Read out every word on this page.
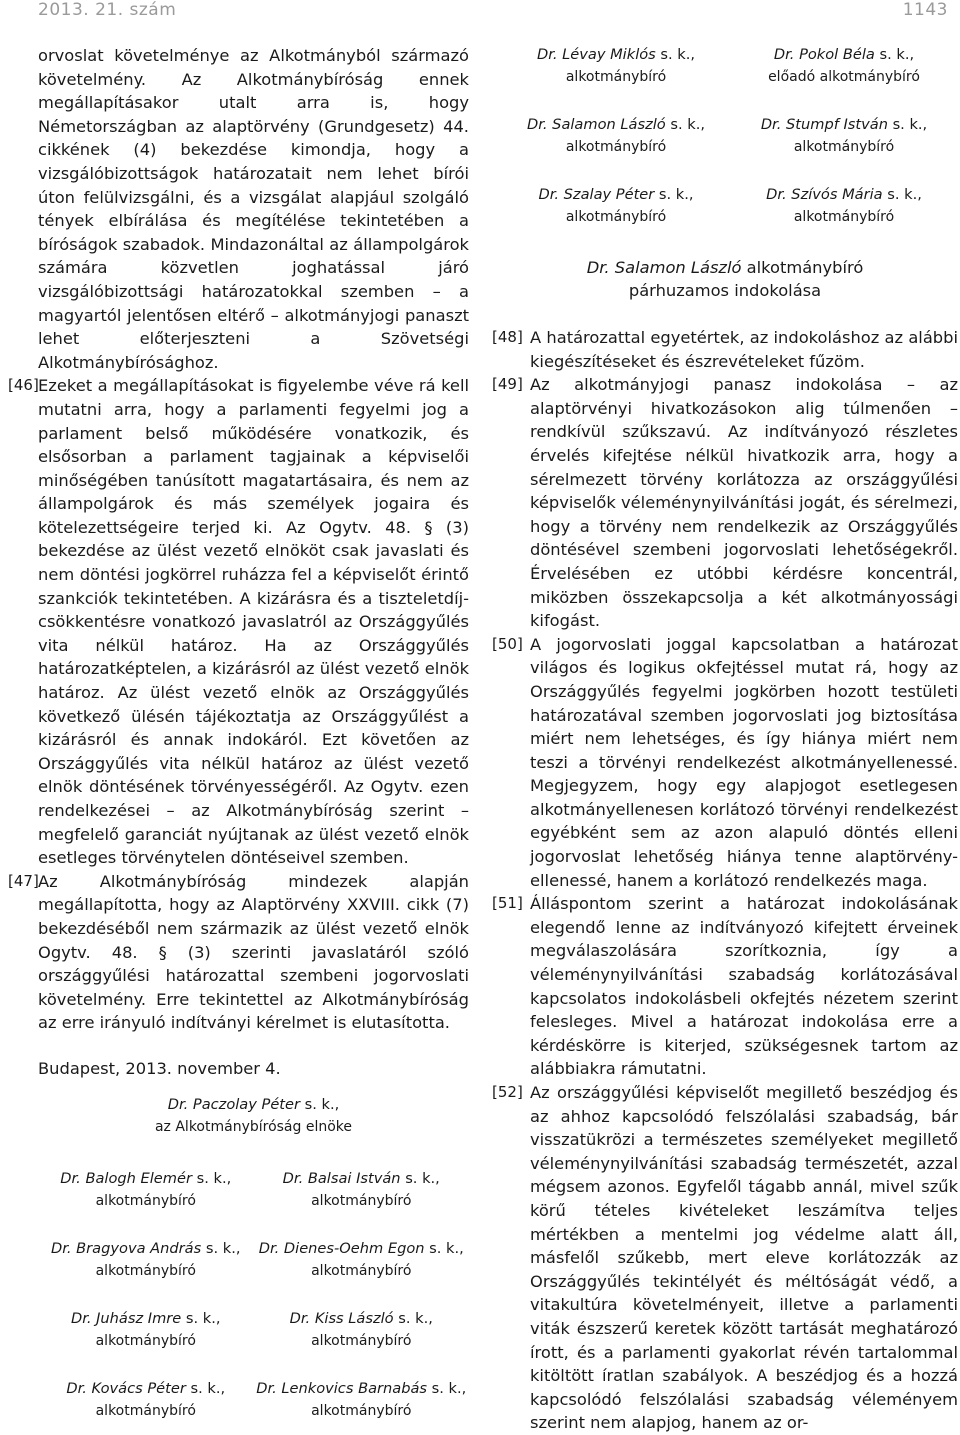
2013. 21. szám	1143

orvoslat követelménye az Alkotmányból származó követelmény. Az Alkotmánybíróság ennek megállapításakor utalt arra is, hogy Németországban az alaptörvény (Grundgesetz) 44. cikkének (4) bekezdése kimondja, hogy a vizsgálóbizottságok határozatait nem lehet bírói úton felülvizsgálni, és a vizsgálat alapjául szolgáló tények elbírálása és megítélése tekintetében a bíróságok szabadok. Mindazonáltal az állampolgárok számára közvetlen joghatással járó vizsgálóbizottsági határozatokkal szemben – a magyartól jelentősen eltérő – alkotmányjogi panaszt lehet előterjeszteni a Szövetségi Alkotmánybírósághoz.

[46] Ezeket a megállapításokat is figyelembe véve rá kell mutatni arra, hogy a parlamenti fegyelmi jog a parlament belső működésére vonatkozik, és elsősorban a parlament tagjainak a képviselői minőségében tanúsított magatartásaira, és nem az állampolgárok és más személyek jogaira és kötelezettségeire terjed ki. Az Ogytv. 48. § (3) bekezdése az ülést vezető elnököt csak javaslati és nem döntési jogkörrel ruházza fel a képviselőt érintő szankciók tekintetében. A kizárásra és a tiszteletdíj-csökkentésre vonatkozó javaslatról az Országgyűlés vita nélkül határoz. Ha az Országgyűlés határozatképtelen, a kizárásról az ülést vezető elnök határoz. Az ülést vezető elnök az Országgyűlés következő ülésén tájékoztatja az Országgyűlést a kizárásról és annak indokáról. Ezt követően az Országgyűlés vita nélkül határoz az ülést vezető elnök döntésének törvényességéről. Az Ogytv. ezen rendelkezései – az Alkotmánybíróság szerint – megfelelő garanciát nyújtanak az ülést vezető elnök esetleges törvénytelen döntéseivel szemben.

[47] Az Alkotmánybíróság mindezek alapján megállapította, hogy az Alaptörvény XXVIII. cikk (7) bekezdéséből nem származik az ülést vezető elnök Ogytv. 48. § (3) szerinti javaslatáról szóló országgyűlési határozattal szembeni jogorvoslati követelmény. Erre tekintettel az Alkotmánybíróság az erre irányuló indítványi kérelmet is elutasította.

Budapest, 2013. november 4.
Dr. Paczolay Péter s. k.,
az Alkotmánybíróság elnöke
Dr. Balogh Elemér s. k.,
alkotmánybíró
Dr. Balsai István s. k.,
alkotmánybíró
Dr. Bragyova András s. k.,
alkotmánybíró
Dr. Dienes-Oehm Egon s. k.,
alkotmánybíró
Dr. Juhász Imre s. k.,
alkotmánybíró
Dr. Kiss László s. k.,
alkotmánybíró
Dr. Kovács Péter s. k.,
alkotmánybíró
Dr. Lenkovics Barnabás s. k.,
alkotmánybíró
Dr. Lévay Miklós s. k.,
alkotmánybíró
Dr. Pokol Béla s. k.,
előadó alkotmánybíró
Dr. Salamon László s. k.,
alkotmánybíró
Dr. Stumpf István s. k.,
alkotmánybíró
Dr. Szalay Péter s. k.,
alkotmánybíró
Dr. Szívós Mária s. k.,
alkotmánybíró
Dr. Salamon László alkotmánybíró
párhuzamos indokolása

[48] A határozattal egyetértek, az indokoláshoz az alábbi kiegészítéseket és észrevételeket fűzöm.

[49] Az alkotmányjogi panasz indokolása – az alaptörvényi hivatkozásokon alig túlmenően – rendkívül szűkszavú. Az indítványozó részletes érvelés kifejtése nélkül hivatkozik arra, hogy a sérelmezett törvény korlátozza az országgyűlési képviselők véleménynyilvánítási jogát, és sérelmezi, hogy a törvény nem rendelkezik az Országgyűlés döntésével szembeni jogorvoslati lehetőségekről. Érvelésében ez utóbbi kérdésre koncentrál, miközben összekapcsolja a két alkotmányossági kifogást.

[50] A jogorvoslati joggal kapcsolatban a határozat világos és logikus okfejtéssel mutat rá, hogy az Országgyűlés fegyelmi jogkörben hozott testületi határozatával szemben jogorvoslati jog biztosítása miért nem lehetséges, és így hiánya miért nem teszi a törvényi rendelkezést alkotmányellenessé. Megjegyzem, hogy egy alapjogot esetlegesen alkotmányellenesen korlátozó törvényi rendelkezést egyébként sem az azon alapuló döntés elleni jogorvoslat lehetőség hiánya tenne alaptörvény-ellenessé, hanem a korlátozó rendelkezés maga.

[51] Álláspontom szerint a határozat indokolásának elegendő lenne az indítványozó kifejtett érveinek megválaszolására szorítkoznia, így a véleménynyilvánítási szabadság korlátozásával kapcsolatos indokolásbeli okfejtés nézetem szerint felesleges. Mivel a határozat indokolása erre a kérdéskörre is kiterjed, szükségesnek tartom az alábbiakra rámutatni.

[52] Az országgyűlési képviselőt megillető beszédjog és az ahhoz kapcsolódó felszólalási szabadság, bár visszatükrözi a természetes személyeket megillető véleménynyilvánítási szabadság természetét, azzal mégsem azonos. Egyfelől tágabb annál, mivel szűk körű tételes kivételeket leszámítva teljes mértékben a mentelmi jog védelme alatt áll, másfelől szűkebb, mert eleve korlátozzák az Országgyűlés tekintélyét és méltóságát védő, a vitakultúra követelményeit, illetve a parlamenti viták észszerű keretek között tartását meghatározó írott, és a parlamenti gyakorlat révén tartalommal kitöltött íratlan szabályok. A beszédjog és a hozzá kapcsolódó felszólalási szabadság véleményem szerint nem alapjog, hanem az or-
